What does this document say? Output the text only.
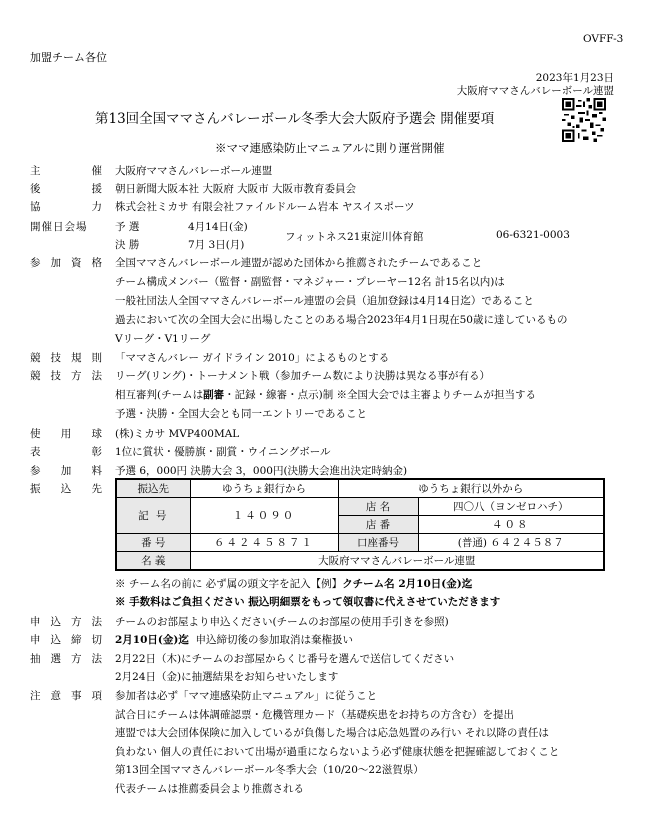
OVFF-3
加盟チーム各位
2023年1月23日
大阪府ママさんバレーボール連盟
第13回全国ママさんバレーボール冬季大会大阪府予選会 開催要項
※ママ連感染防止マニュアルに則り運営開催
主	催 大阪府ママさんバレーボール連盟
後	援 朝日新聞大阪本社 大阪府 大阪市 大阪市教育委員会
協	力 株式会社ミカサ 有限会社ファイルドルーム岩本 ヤスイスポーツ
開催日会場	予 選	4月14日(金)
決 勝	7月 3日(月)
フィットネス21東淀川体育館	06-6321-0003
参 加 資 格 全国ママさんバレーボール連盟が認めた団体から推薦されたチームであること
チーム構成メンバー（監督・副監督・マネジャー・プレーヤー12名 計15名以内)は
一般社団法人全国ママさんバレーボール連盟の会員（追加登録は4月14日迄）であること
過去において次の全国大会に出場したことのある場合2023年4月1日現在50歳に達しているもの
Ⅴリーグ・Ⅴ1リーグ
競 技 規 則 「ママさんバレー ガイドライン 2010」によるものとする
競 技 方 法 リーグ(リング)・トーナメント戦（参加チーム数により決勝は異なる事が有る）
相互審判(チームは副審・記録・線審・点示)制 ※全国大会では主審よりチームが担当する
予選・決勝・全国大会とも同一エントリーであること
使 用 球 (株)ミカサ MVP400MAL
表	彰 1位に賞状・優勝旗・副賞・ウイニングボール
参 加 料 予選 6，000円 決勝大会 3，000円(決勝大会進出決定時納金)
振 込 先	振込先	ゆうちょ銀行から	ゆうちょ銀行以外から	
記 号	１４０９０	店 名	四〇八（ヨンゼロハチ）
		店 番	４０８
番 号	６４２４５８７１	口座番号	(普通) ６４２４５８７
名 義	大阪府ママさんバレーボール連盟		
※ チーム名の前に 必ず属の頭文字を記入【例】クチーム名 2月10日(金)迄
※ 手数料はご負担ください 振込明細票をもって領収書に代えさせていただきます
申 込 方 法 チームのお部屋より申込ください(チームのお部屋の使用手引きを参照)
申 込 締 切 2月10日(金)迄 申込締切後の参加取消は棄権扱い
抽 選 方 法 2月22日（木)にチームのお部屋からくじ番号を選んで送信してください
2月24日（金)に抽選結果をお知らせいたします
注 意 事 項 参加者は必ず「ママ連感染防止マニュアル」に従うこと
試合日にチームは体調確認票・危機管理カード（基礎疾患をお持ちの方含む）を提出
連盟では大会団体保険に加入しているが負傷した場合は応急処置のみ行い それ以降の責任は
負わない 個人の責任において出場が過重にならないよう必ず健康状態を把握確認しておくこと
第13回全国ママさんバレーボール冬季大会（10/20～22滋賀県）
代表チームは推薦委員会より推薦される
